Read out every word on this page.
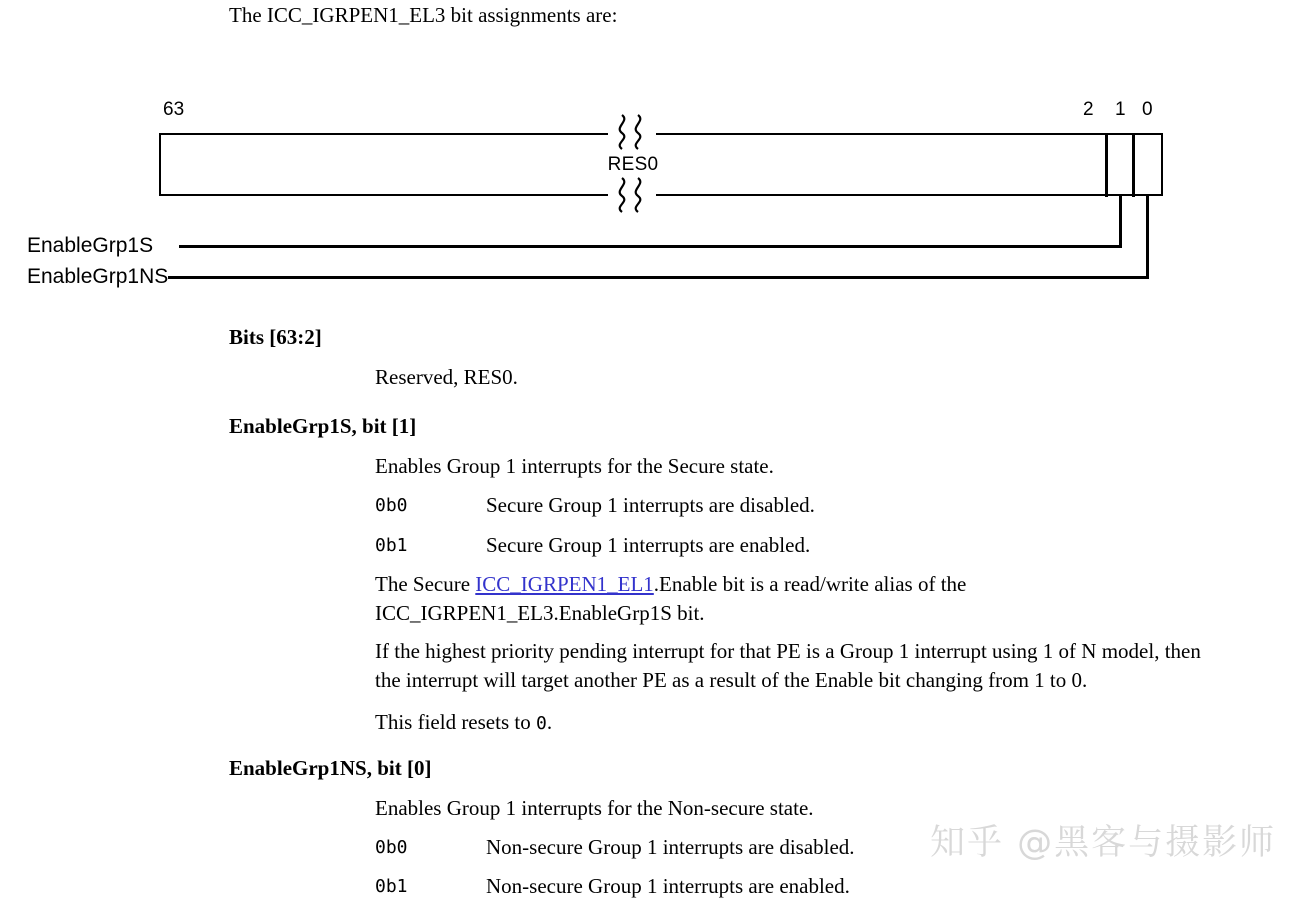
The ICC_IGRPEN1_EL3 bit assignments are:
63	2 1 0
RES0
EnableGrp1S
EnableGrp1NS
Bits [63:2]
Reserved, RES0.
EnableGrp1S, bit [1]
Enables Group 1 interrupts for the Secure state.
0b0	Secure Group 1 interrupts are disabled.
0b1	Secure Group 1 interrupts are enabled.
The Secure ICC_IGRPEN1_EL1.Enable bit is a read/write alias of the
ICC_IGRPEN1_EL3.EnableGrp1S bit.
If the highest priority pending interrupt for that PE is a Group 1 interrupt using 1 of N model, then
the interrupt will target another PE as a result of the Enable bit changing from 1 to 0.
This field resets to 0.
EnableGrp1NS, bit [0]
Enables Group 1 interrupts for the Non-secure state.
0b0	Non-secure Group 1 interrupts are disabled.
0b1	Non-secure Group 1 interrupts are enabled.
知乎 @黑客与摄影师
